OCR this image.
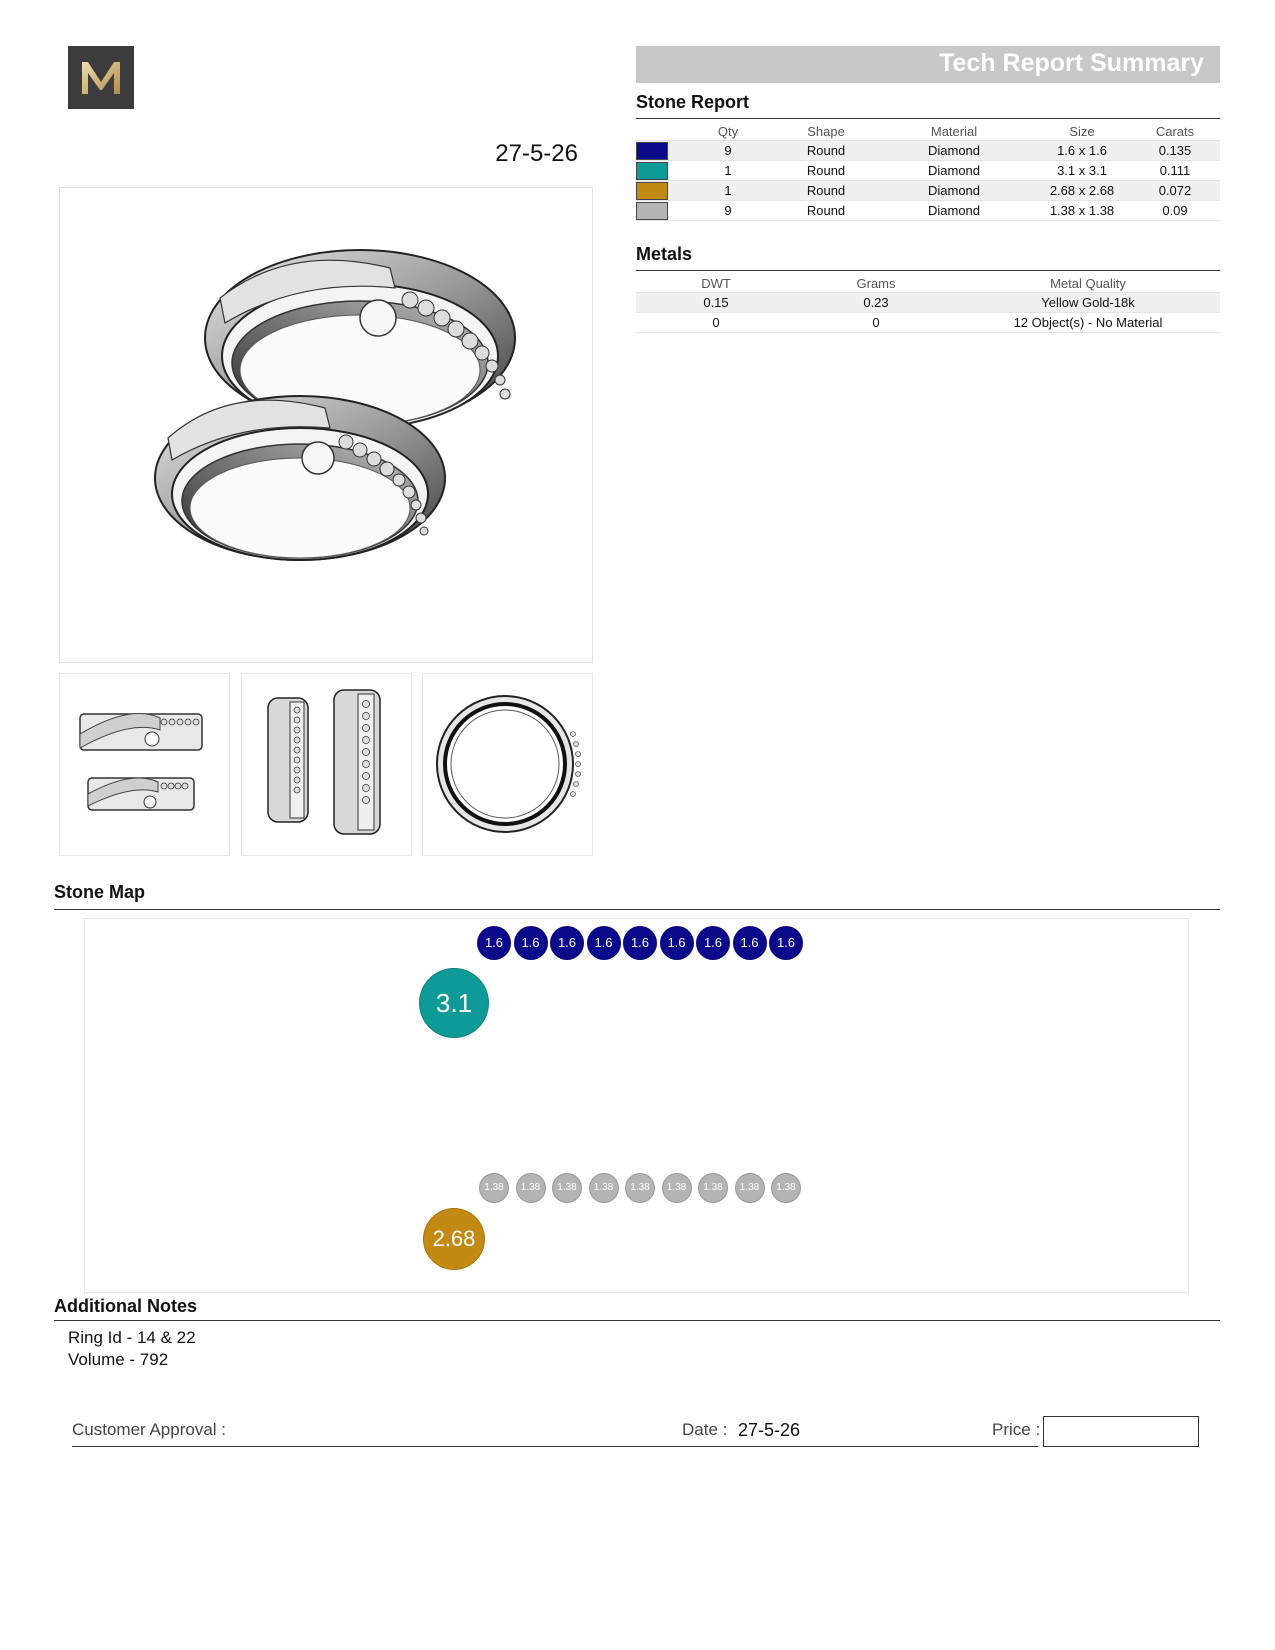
27-5-26
Tech Report Summary
Stone Report
	Qty	Shape	Material	Size	Carats
	9	Round	Diamond	1.6 x 1.6	0.135
	1	Round	Diamond	3.1 x 3.1	0.111
	1	Round	Diamond	2.68 x 2.68	0.072
	9	Round	Diamond	1.38 x 1.38	0.09
Metals
DWT	Grams	Metal Quality
0.15	0.23	Yellow Gold-18k
0	0	12 Object(s) - No Material
Stone Map
1.6	1.6	1.6	1.6	1.6	1.6	1.6	1.6	1.6
3.1
1.38	1.38	1.38	1.38	1.38	1.38	1.38	1.38	1.38
2.68
Additional Notes
Ring Id - 14 & 22
Volume - 792
Customer Approval :	Date : 27-5-26	Price :
